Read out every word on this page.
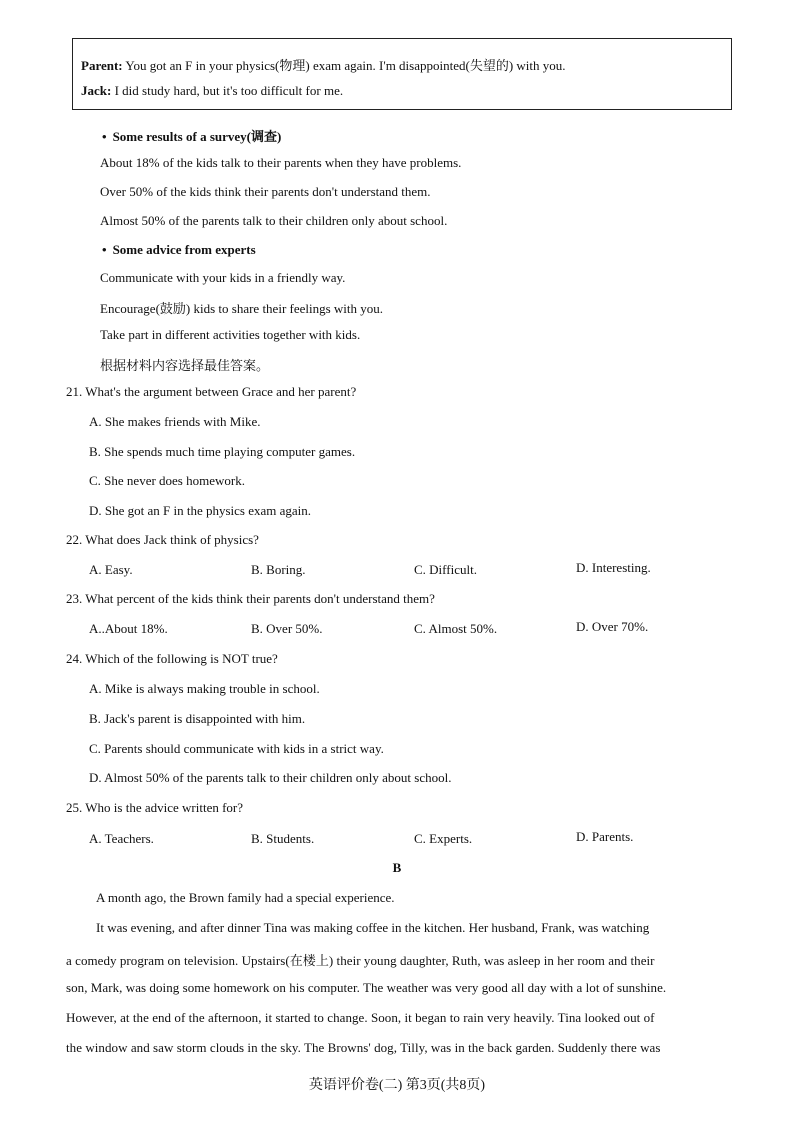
Parent: You got an F in your physics(物理) exam again. I'm disappointed(失望的) with you.
Jack: I did study hard, but it's too difficult for me.
• Some results of a survey(调查)
About 18% of the kids talk to their parents when they have problems.
Over 50% of the kids think their parents don't understand them.
Almost 50% of the parents talk to their children only about school.
• Some advice from experts
Communicate with your kids in a friendly way.
Encourage(鼓励) kids to share their feelings with you.
Take part in different activities together with kids.
根据材料内容选择最佳答案。
21. What's the argument between Grace and her parent?
A. She makes friends with Mike.
B. She spends much time playing computer games.
C. She never does homework.
D. She got an F in the physics exam again.
22. What does Jack think of physics?
A. Easy.	B. Boring.	C. Difficult.	D. Interesting.
23. What percent of the kids think their parents don't understand them?
A..About 18%.	B. Over 50%.	C. Almost 50%.	D. Over 70%.
24. Which of the following is NOT true?
A. Mike is always making trouble in school.
B. Jack's parent is disappointed with him.
C. Parents should communicate with kids in a strict way.
D. Almost 50% of the parents talk to their children only about school.
25. Who is the advice written for?
A. Teachers.	B. Students.	C. Experts.	D. Parents.
B
A month ago, the Brown family had a special experience.
It was evening, and after dinner Tina was making coffee in the kitchen. Her husband, Frank, was watching
a comedy program on television. Upstairs(在楼上) their young daughter, Ruth, was asleep in her room and their
son, Mark, was doing some homework on his computer. The weather was very good all day with a lot of sunshine.
However, at the end of the afternoon, it started to change. Soon, it began to rain very heavily. Tina looked out of
the window and saw storm clouds in the sky. The Browns' dog, Tilly, was in the back garden. Suddenly there was
英语评价卷(二) 第3页(共8页)
